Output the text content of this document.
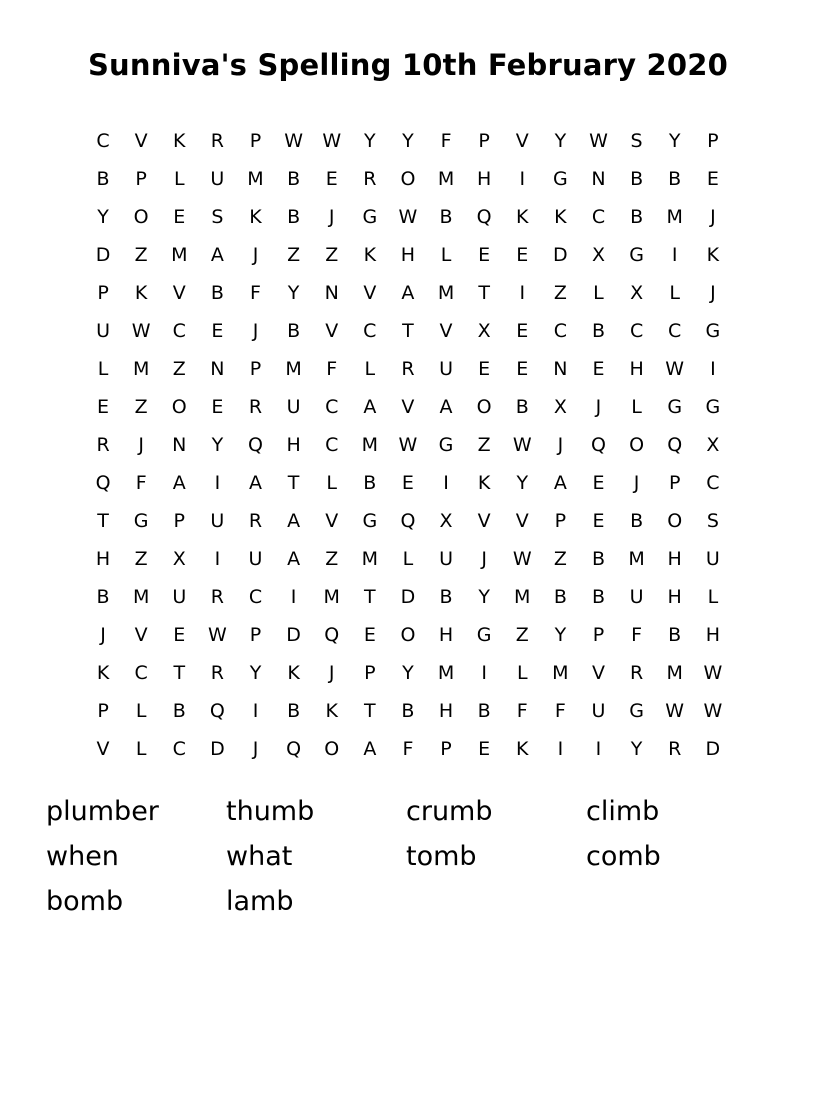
Sunniva's Spelling 10th February 2020
C	V	K	R	P	W	W	Y	Y	F	P	V	Y	W	S	Y	P
B	P	L	U	M	B	E	R	O	M	H	I	G	N	B	B	E
Y	O	E	S	K	B	J	G	W	B	Q	K	K	C	B	M	J
D	Z	M	A	J	Z	Z	K	H	L	E	E	D	X	G	I	K
P	K	V	B	F	Y	N	V	A	M	T	I	Z	L	X	L	J
U	W	C	E	J	B	V	C	T	V	X	E	C	B	C	C	G
L	M	Z	N	P	M	F	L	R	U	E	E	N	E	H	W	I
E	Z	O	E	R	U	C	A	V	A	O	B	X	J	L	G	G
R	J	N	Y	Q	H	C	M	W	G	Z	W	J	Q	O	Q	X
Q	F	A	I	A	T	L	B	E	I	K	Y	A	E	J	P	C
T	G	P	U	R	A	V	G	Q	X	V	V	P	E	B	O	S
H	Z	X	I	U	A	Z	M	L	U	J	W	Z	B	M	H	U
B	M	U	R	C	I	M	T	D	B	Y	M	B	B	U	H	L
J	V	E	W	P	D	Q	E	O	H	G	Z	Y	P	F	B	H
K	C	T	R	Y	K	J	P	Y	M	I	L	M	V	R	M	W
P	L	B	Q	I	B	K	T	B	H	B	F	F	U	G	W	W
V	L	C	D	J	Q	O	A	F	P	E	K	I	I	Y	R	D
plumber	thumb	crumb	climb
when	what	tomb	comb
bomb	lamb
